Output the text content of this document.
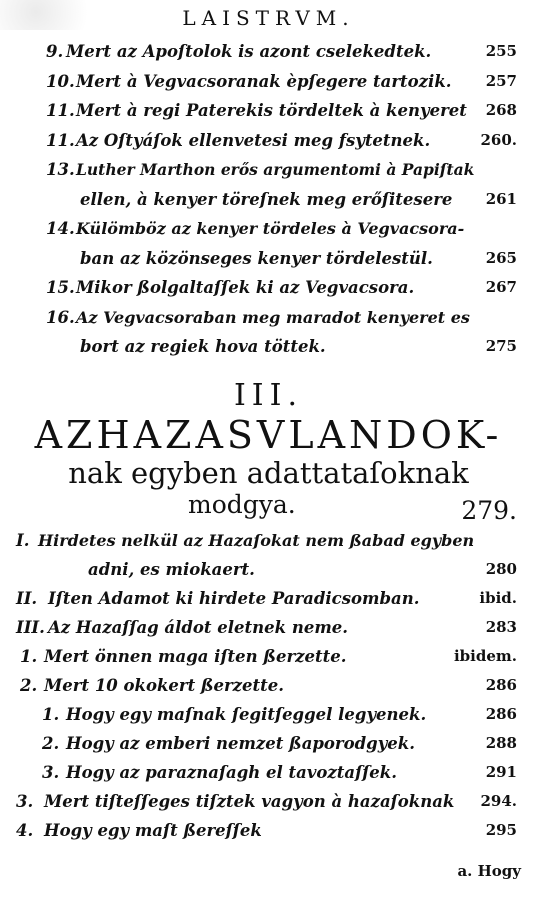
LAISTRVM.
9. Mert az Apoſtolok is azont cselekedtek.	255
10. Mert à Vegvacsoranak èpſegere tartozik. 257
11. Mert à regi Paterekis tördeltek à kenyeret 268
11. Az Oſtyáſok ellenvetesi meg fsytetnek.	260.
13. Luther Marthon erős argumentomi à Papiſtak
ellen, à kenyer töreſnek meg erőſitesere 261
14. Külömböz az kenyer tördeles à Vegvacsora-
ban az közönseges kenyer tördelestül.	265
15. Mikor ßolgaltaſſek ki az Vegvacsora.	267
16. Az Vegvacsoraban meg maradot kenyeret es
bort az regiek hova töttek.	275
III.
AZHAZASVLANDOK-
nak egyben adattataſoknak
modgya.	279.
I. Hirdetes nelkül az Hazaſokat nem ßabad egyben
adni, es miokaert.	280
II. Iſten Adamot ki hirdete Paradicsomban.	ibid.
III. Az Hazaſſag áldot eletnek neme.	283
1. Mert önnen maga iſten ßerzette.	ibidem.
2. Mert 10 okokert ßerzette.	286
1. Hogy egy maſnak ſegitſeggel legyenek.	286
2. Hogy az emberi nemzet ßaporodgyek.	288
3. Hogy az paraznaſagh el tavoztaſſek.	291
3. Mert tiſteſſeges tiſztek vagyon à hazaſoknak 294.
4. Hogy egy maſt ßereſſek	295
a. Hogy
